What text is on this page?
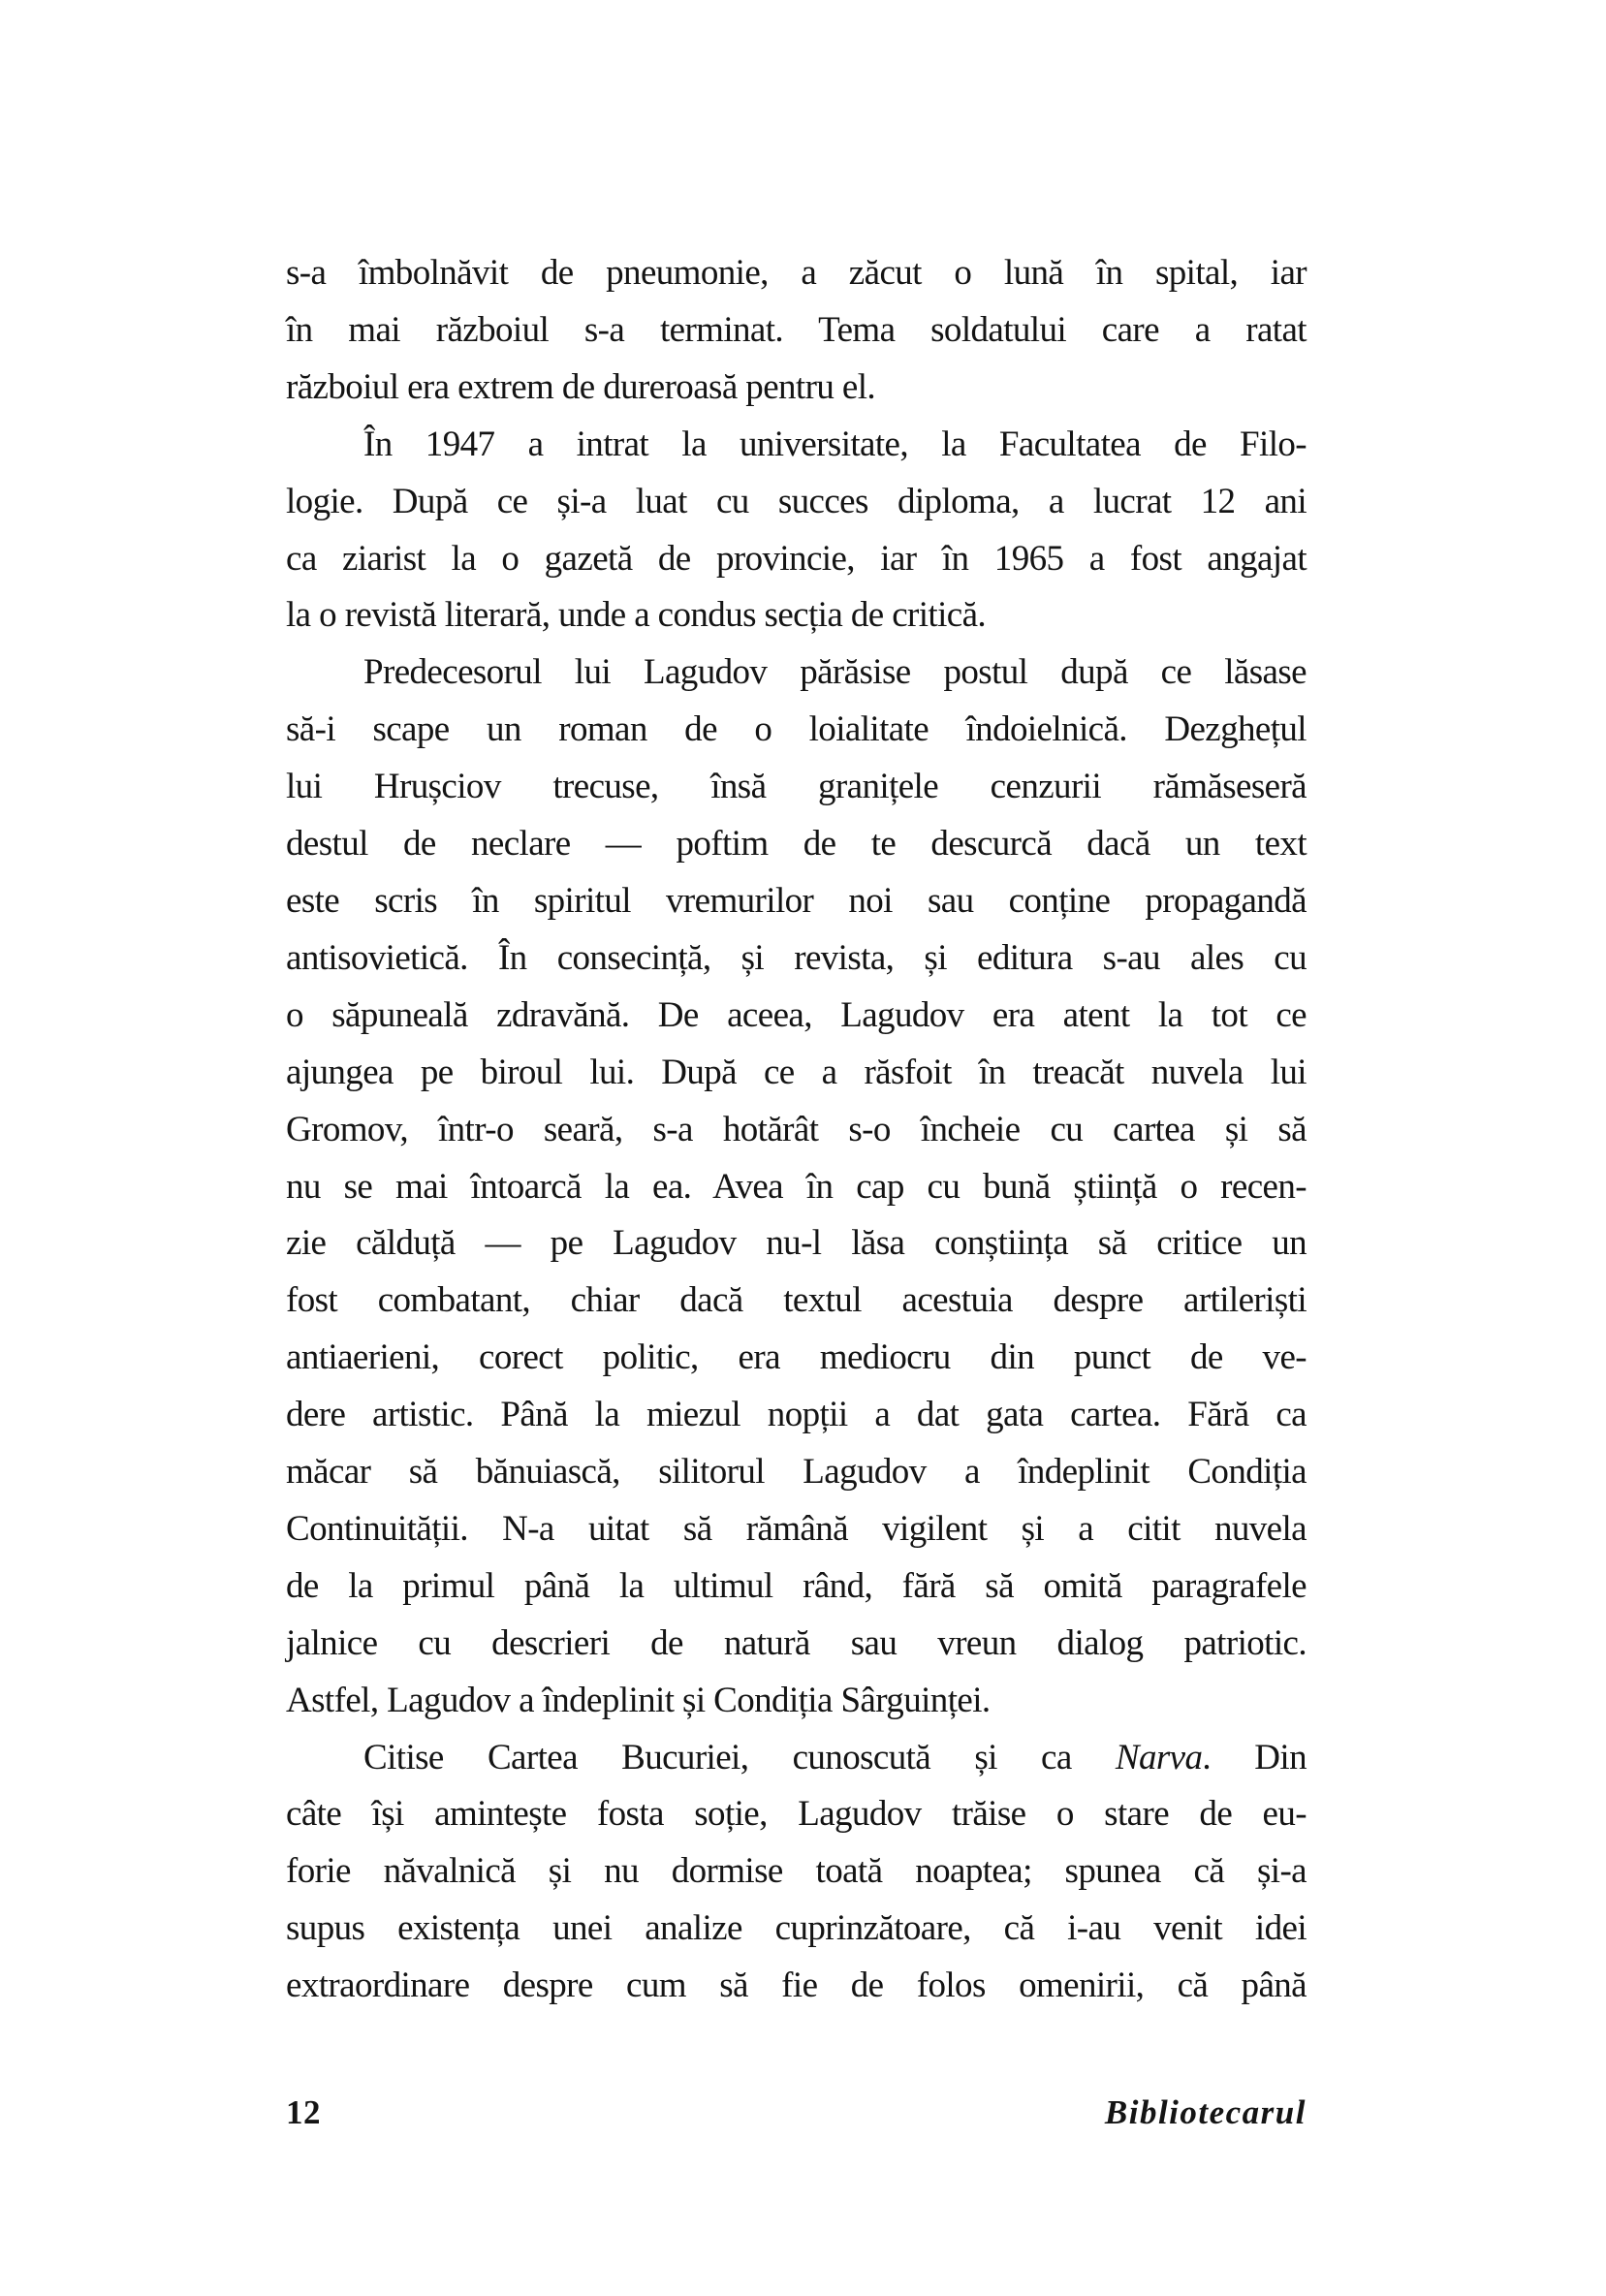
s-a îmbolnăvit de pneumonie, a zăcut o lună în spital, iar
în mai războiul s-a terminat. Tema soldatului care a ratat
războiul era extrem de dureroasă pentru el.
În 1947 a intrat la universitate, la Facultatea de Filo-
logie. După ce și-a luat cu succes diploma, a lucrat 12 ani
ca ziarist la o gazetă de provincie, iar în 1965 a fost angajat
la o revistă literară, unde a condus secția de critică.
Predecesorul lui Lagudov părăsise postul după ce lăsase
să-i scape un roman de o loialitate îndoielnică. Dezghețul
lui Hrușciov trecuse, însă granițele cenzurii rămăseseră
destul de neclare — poftim de te descurcă dacă un text
este scris în spiritul vremurilor noi sau conține propagandă
antisovietică. În consecință, și revista, și editura s-au ales cu
o săpuneală zdravănă. De aceea, Lagudov era atent la tot ce
ajungea pe biroul lui. După ce a răsfoit în treacăt nuvela lui
Gromov, într-o seară, s-a hotărât s-o încheie cu cartea și să
nu se mai întoarcă la ea. Avea în cap cu bună știință o recen-
zie călduță — pe Lagudov nu-l lăsa conștiința să critice un
fost combatant, chiar dacă textul acestuia despre artileriști
antiaerieni, corect politic, era mediocru din punct de ve-
dere artistic. Până la miezul nopții a dat gata cartea. Fără ca
măcar să bănuiască, silitorul Lagudov a îndeplinit Condiția
Continuității. N-a uitat să rămână vigilent și a citit nuvela
de la primul până la ultimul rând, fără să omită paragrafele
jalnice cu descrieri de natură sau vreun dialog patriotic.
Astfel, Lagudov a îndeplinit și Condiția Sârguinței.
Citise Cartea Bucuriei, cunoscută și ca Narva. Din
câte își amintește fosta soție, Lagudov trăise o stare de eu-
forie năvalnică și nu dormise toată noaptea; spunea că și-a
supus existența unei analize cuprinzătoare, că i-au venit idei
extraordinare despre cum să fie de folos omenirii, că până
12	Bibliotecarul
